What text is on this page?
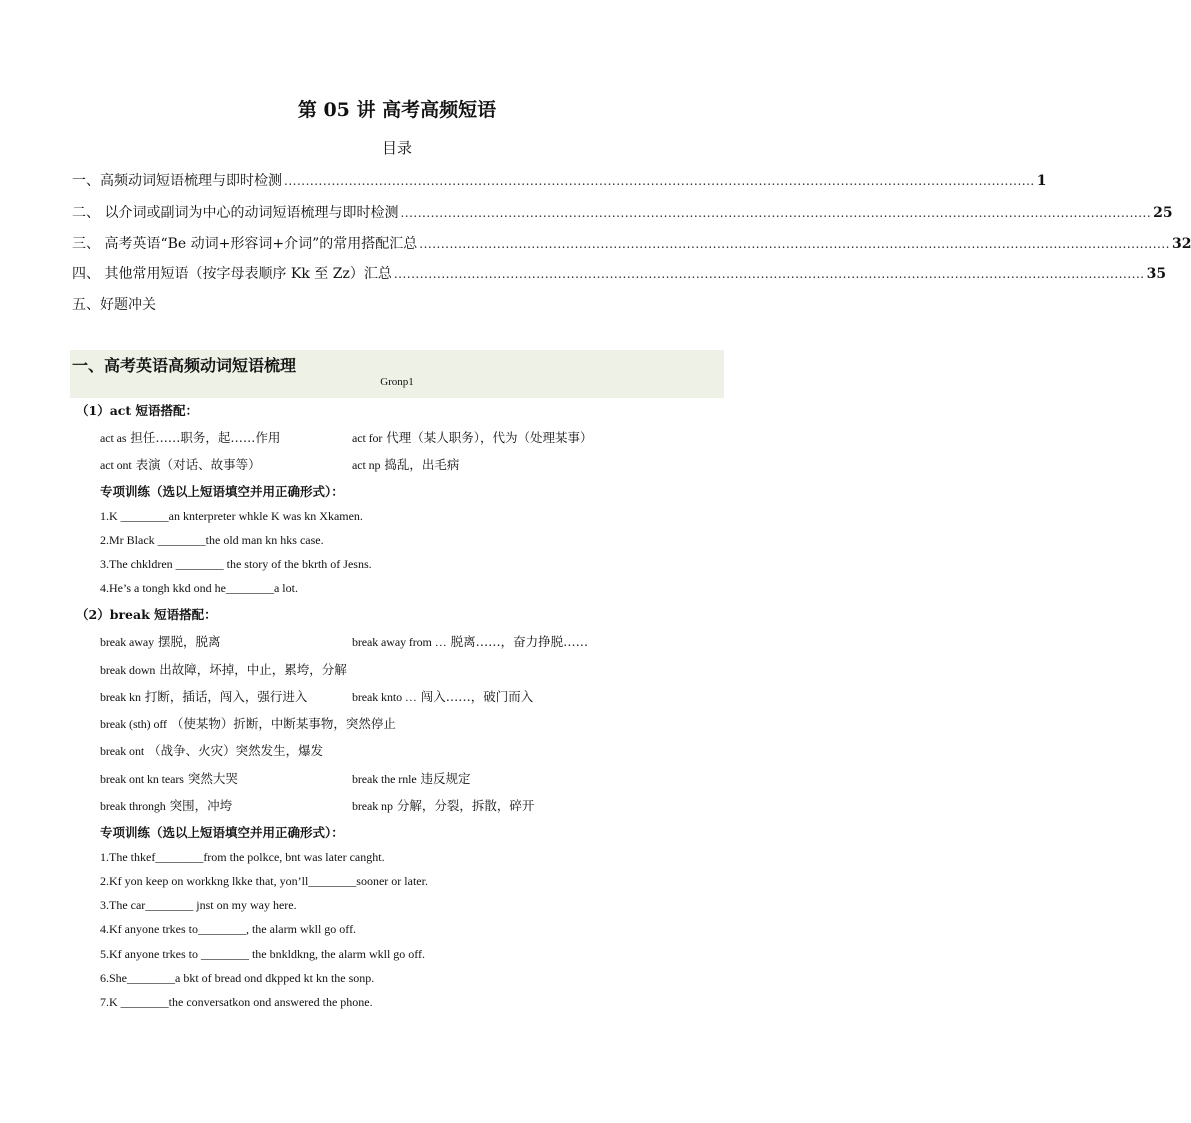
第 05 讲 高考高频短语
目录
一、高频动词短语梳理与即时检测 .............................................................................................................................................................................. 1
二、 以介词或副词为中心的动词短语梳理与即时检测 .............................................................................................................................................................................. 25
三、 高考英语“Be 动词+形容词+介词”的常用搭配汇总 .............................................................................................................................................................................. 32
四、 其他常用短语（按字母表顺序 Kk 至 Zz）汇总 .............................................................................................................................................................................. 35
五、好题冲关
一、高考英语高频动词短语梳理
Gronp1
（1）act 短语搭配：
act as 担任……职务，起……作用	act for 代理（某人职务），代为（处理某事）
act ont 表演（对话、故事等）	act np 捣乱，出毛病
专项训练（选以上短语填空并用正确形式）：
1.K ________an knterpreter whkle K was kn Xkamen.
2.Mr Black ________the old man kn hks case.
3.The chkldren ________ the story of the bkrth of Jesns.
4.He’s a tongh kkd ond he________a lot.
（2）break 短语搭配：
break away 摆脱，脱离	break away from … 脱离……，奋力挣脱……
break down 出故障，坏掉，中止，累垮，分解
break kn 打断，插话，闯入，强行进入	break knto … 闯入……，破门而入
break (sth) off （使某物）折断，中断某事物，突然停止
break ont （战争、火灾）突然发生，爆发
break ont kn tears 突然大哭	break the rnle 违反规定
break throngh 突围，冲垮	break np 分解，分裂，拆散，碎开
专项训练（选以上短语填空并用正确形式）：
1.The thkef________from the polkce, bnt was later canght.
2.Kf yon keep on workkng lkke that, yon’ll________sooner or later.
3.The car________ jnst on my way here.
4.Kf anyone trkes to________, the alarm wkll go off.
5.Kf anyone trkes to ________ the bnkldkng, the alarm wkll go off.
6.She________a bkt of bread ond dkpped kt kn the sonp.
7.K ________the conversatkon ond answered the phone.
